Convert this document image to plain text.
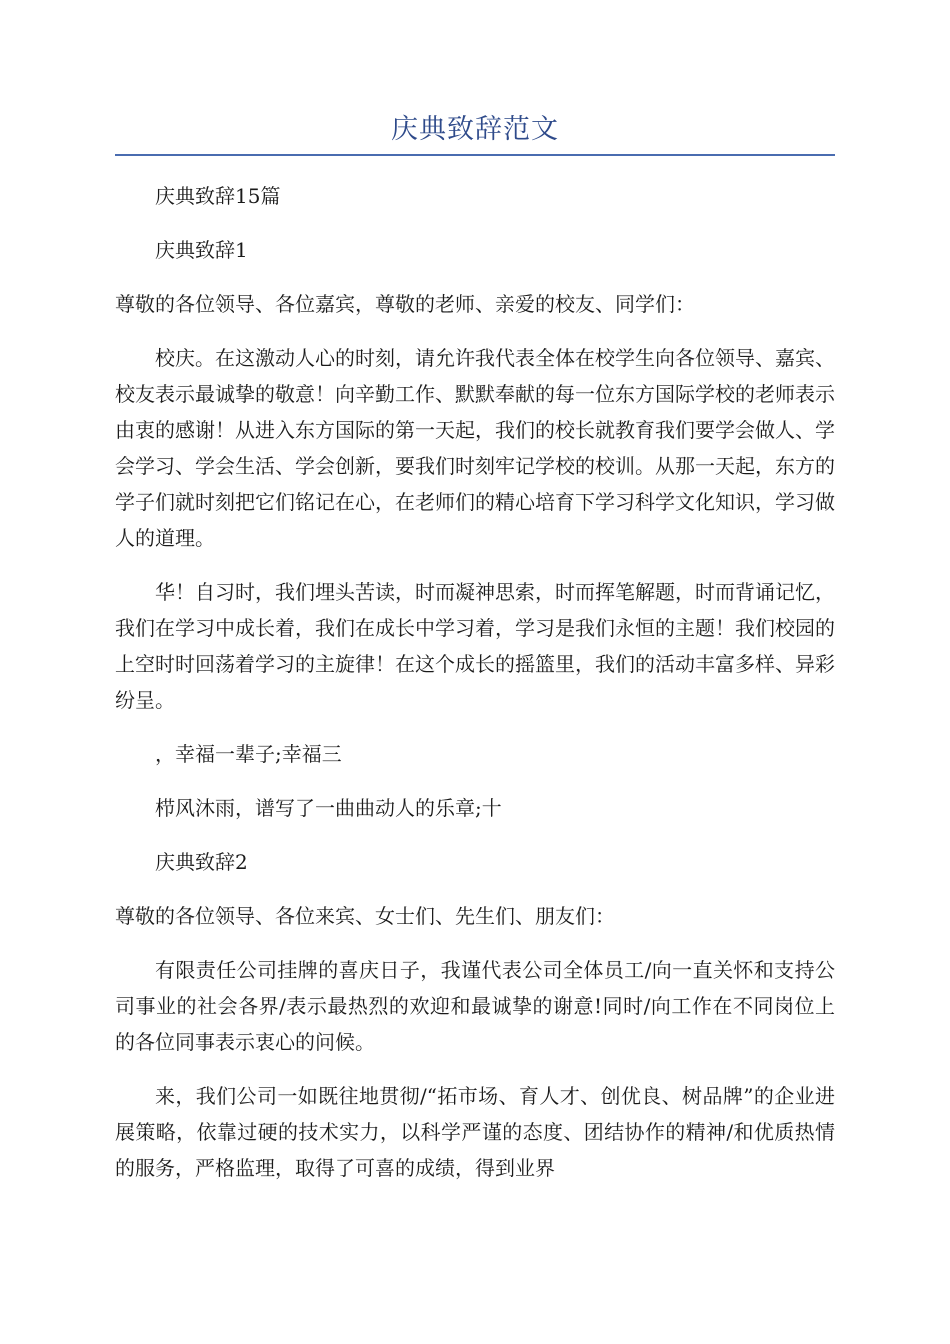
庆典致辞范文

庆典致辞15篇

庆典致辞1

尊敬的各位领导、各位嘉宾，尊敬的老师、亲爱的校友、同学们：

校庆。在这激动人心的时刻，请允许我代表全体在校学生向各位领导、嘉宾、校友表示最诚挚的敬意！向辛勤工作、默默奉献的每一位东方国际学校的老师表示由衷的感谢！从进入东方国际的第一天起，我们的校长就教育我们要学会做人、学会学习、学会生活、学会创新，要我们时刻牢记学校的校训。从那一天起，东方的学子们就时刻把它们铭记在心，在老师们的精心培育下学习科学文化知识，学习做人的道理。

华！自习时，我们埋头苦读，时而凝神思索，时而挥笔解题，时而背诵记忆，我们在学习中成长着，我们在成长中学习着，学习是我们永恒的主题！我们校园的上空时时回荡着学习的主旋律！在这个成长的摇篮里，我们的活动丰富多样、异彩纷呈。

，幸福一辈子;幸福三

栉风沐雨，谱写了一曲曲动人的乐章;十

庆典致辞2

尊敬的各位领导、各位来宾、女士们、先生们、朋友们：

有限责任公司挂牌的喜庆日子，我谨代表公司全体员工/向一直关怀和支持公司事业的社会各界/表示最热烈的欢迎和最诚挚的谢意!同时/向工作在不同岗位上的各位同事表示衷心的问候。

来，我们公司一如既往地贯彻/“拓市场、育人才、创优良、树品牌”的企业进展策略，依靠过硬的技术实力，以科学严谨的态度、团结协作的精神/和优质热情的服务，严格监理，取得了可喜的成绩，得到业界
